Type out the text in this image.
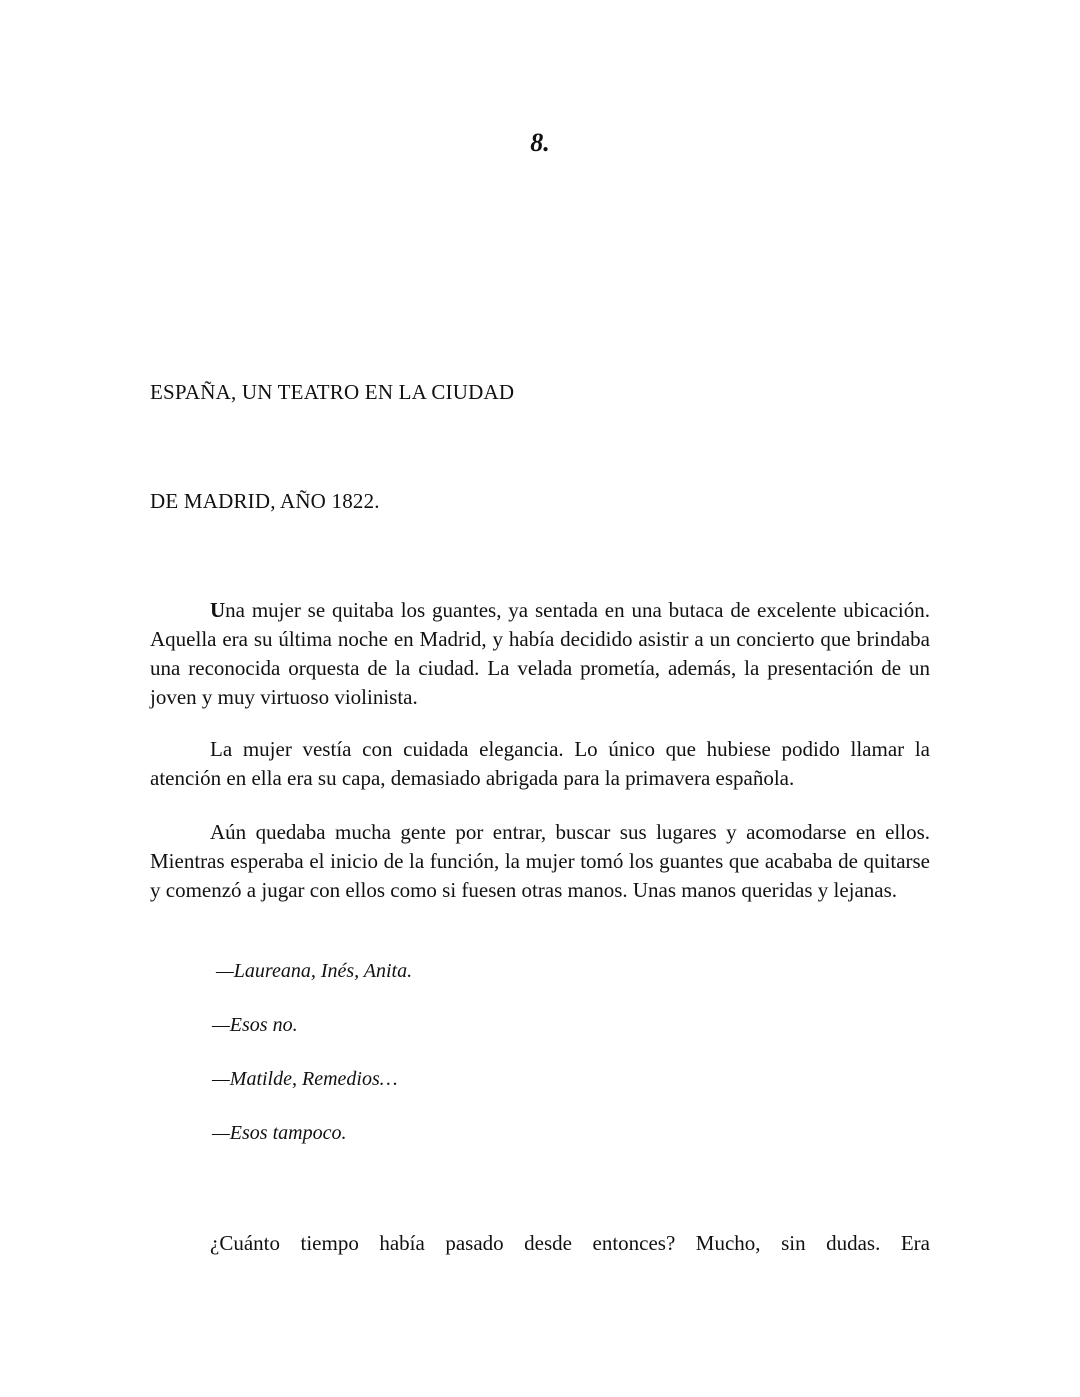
8.

ESPAÑA, UN TEATRO EN LA CIUDAD

DE MADRID, AÑO 1822.

Una mujer se quitaba los guantes, ya sentada en una butaca de excelente ubicación. Aquella era su última noche en Madrid, y había decidido asistir a un concierto que brindaba una reconocida orquesta de la ciudad. La velada prometía, además, la presentación de un joven y muy virtuoso violinista.

La mujer vestía con cuidada elegancia. Lo único que hubiese podido llamar la atención en ella era su capa, demasiado abrigada para la primavera española.

Aún quedaba mucha gente por entrar, buscar sus lugares y acomodarse en ellos. Mientras esperaba el inicio de la función, la mujer tomó los guantes que acababa de quitarse y comenzó a jugar con ellos como si fuesen otras manos. Unas manos queridas y lejanas.

—Laureana, Inés, Anita.

—Esos no.

—Matilde, Remedios…

—Esos tampoco.

¿Cuánto tiempo había pasado desde entonces? Mucho, sin dudas. Era
